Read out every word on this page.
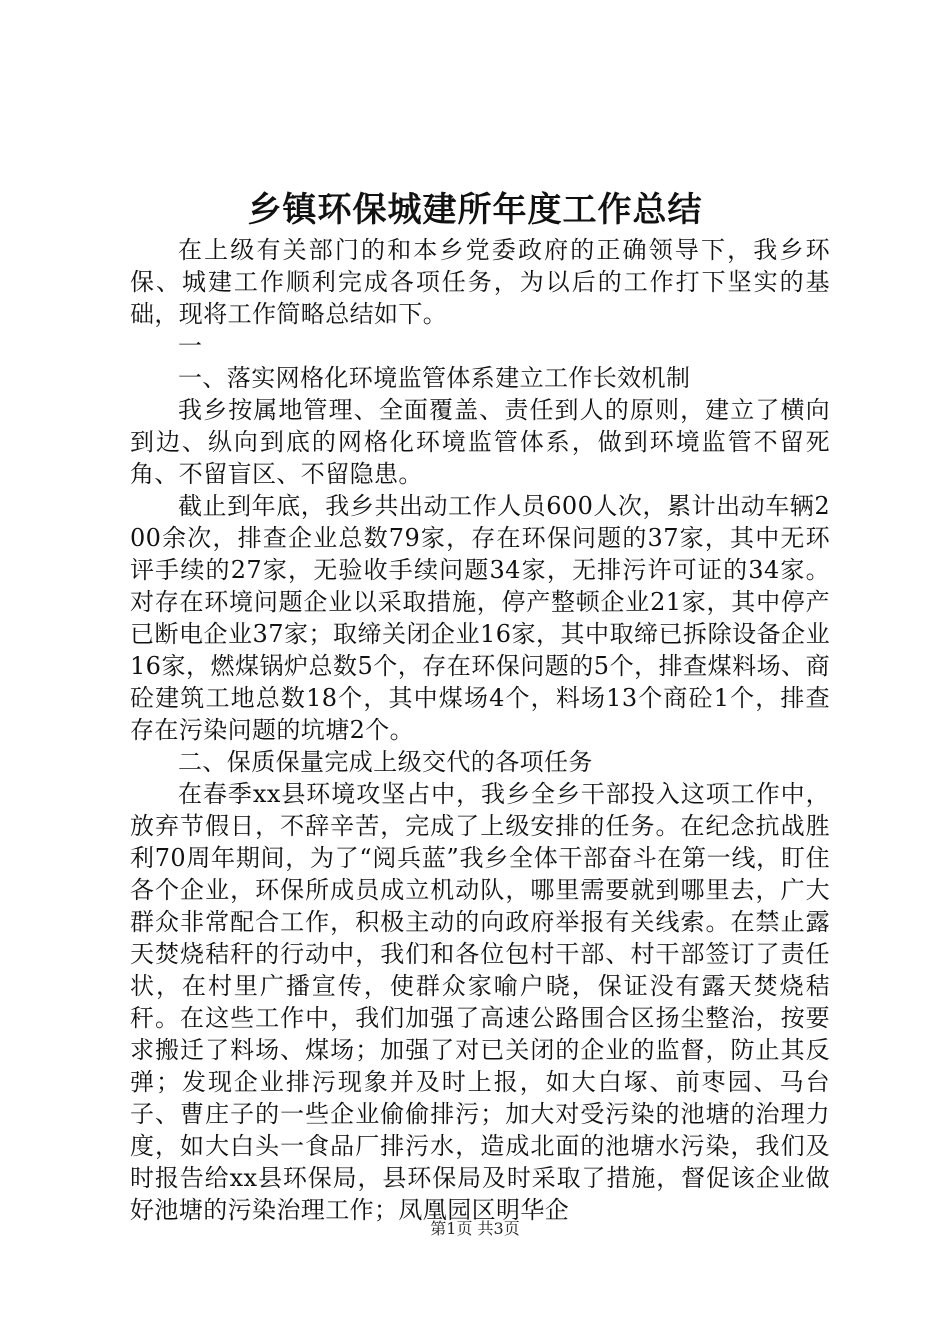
乡镇环保城建所年度工作总结

在上级有关部门的和本乡党委政府的正确领导下，我乡环保、城建工作顺利完成各项任务，为以后的工作打下坚实的基础，现将工作简略总结如下。

一

一、落实网格化环境监管体系建立工作长效机制

我乡按属地管理、全面覆盖、责任到人的原则，建立了横向到边、纵向到底的网格化环境监管体系，做到环境监管不留死角、不留盲区、不留隐患。

截止到年底，我乡共出动工作人员600人次，累计出动车辆200余次，排查企业总数79家，存在环保问题的37家，其中无环评手续的27家，无验收手续问题34家，无排污许可证的34家。对存在环境问题企业以采取措施，停产整顿企业21家，其中停产已断电企业37家；取缔关闭企业16家，其中取缔已拆除设备企业16家，燃煤锅炉总数5个，存在环保问题的5个，排查煤料场、商砼建筑工地总数18个，其中煤场4个，料场13个商砼1个，排查存在污染问题的坑塘2个。

二、保质保量完成上级交代的各项任务

在春季xx县环境攻坚占中，我乡全乡干部投入这项工作中，放弃节假日，不辞辛苦，完成了上级安排的任务。在纪念抗战胜利70周年期间，为了“阅兵蓝”我乡全体干部奋斗在第一线，盯住各个企业，环保所成员成立机动队，哪里需要就到哪里去，广大群众非常配合工作，积极主动的向政府举报有关线索。在禁止露天焚烧秸秆的行动中，我们和各位包村干部、村干部签订了责任状，在村里广播宣传，使群众家喻户晓，保证没有露天焚烧秸秆。在这些工作中，我们加强了高速公路围合区扬尘整治，按要求搬迁了料场、煤场；加强了对已关闭的企业的监督，防止其反弹；发现企业排污现象并及时上报，如大白塚、前枣园、马台子、曹庄子的一些企业偷偷排污；加大对受污染的池塘的治理力度，如大白头一食品厂排污水，造成北面的池塘水污染，我们及时报告给xx县环保局，县环保局及时采取了措施，督促该企业做好池塘的污染治理工作；凤凰园区明华企

第1页 共3页
